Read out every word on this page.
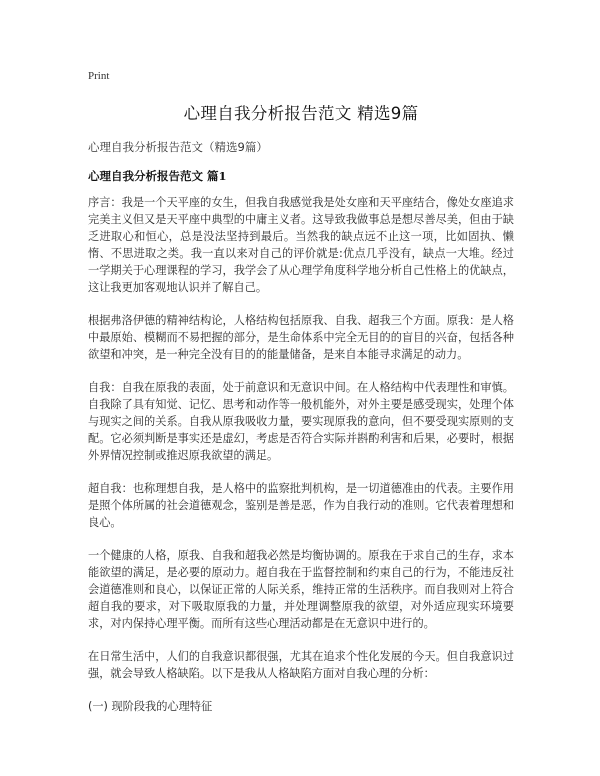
Print
心理自我分析报告范文 精选9篇

心理自我分析报告范文（精选9篇）

心理自我分析报告范文 篇1

序言：我是一个天平座的女生，但我自我感觉我是处女座和天平座结合，像处女座追求完美主义但又是天平座中典型的中庸主义者。这导致我做事总是想尽善尽美，但由于缺乏进取心和恒心，总是没法坚持到最后。当然我的缺点远不止这一项，比如固执、懒惰、不思进取之类。我一直以来对自己的评价就是:优点几乎没有，缺点一大堆。经过一学期关于心理课程的学习，我学会了从心理学角度科学地分析自己性格上的优缺点，这让我更加客观地认识并了解自己。

根据弗洛伊德的精神结构论，人格结构包括原我、自我、超我三个方面。原我：是人格中最原始、模糊而不易把握的部分，是生命体系中完全无目的的盲目的兴奋，包括各种欲望和冲突，是一种完全没有目的的能量储备，是来自本能寻求满足的动力。

自我：自我在原我的表面，处于前意识和无意识中间。在人格结构中代表理性和审慎。自我除了具有知觉、记忆、思考和动作等一般机能外，对外主要是感受现实，处理个体与现实之间的关系。自我从原我吸收力量，要实现原我的意向，但不要受现实原则的支配。它必须判断是事实还是虚幻，考虑是否符合实际并斟酌利害和后果，必要时，根据外界情况控制或推迟原我欲望的满足。

超自我：也称理想自我，是人格中的监察批判机构，是一切道德准由的代表。主要作用是照个体所属的社会道德观念，鉴别是善是恶，作为自我行动的准则。它代表着理想和良心。

一个健康的人格，原我、自我和超我必然是均衡协调的。原我在于求自己的生存，求本能欲望的满足，是必要的原动力。超自我在于监督控制和约束自己的行为，不能违反社会道德准则和良心，以保证正常的人际关系，维持正常的生活秩序。而自我则对上符合超自我的要求，对下吸取原我的力量，并处理调整原我的欲望，对外适应现实环境要求，对内保持心理平衡。而所有这些心理活动都是在无意识中进行的。

在日常生活中，人们的自我意识都很强，尤其在追求个性化发展的今天。但自我意识过强，就会导致人格缺陷。以下是我从人格缺陷方面对自我心理的分析：

(一) 现阶段我的心理特征
